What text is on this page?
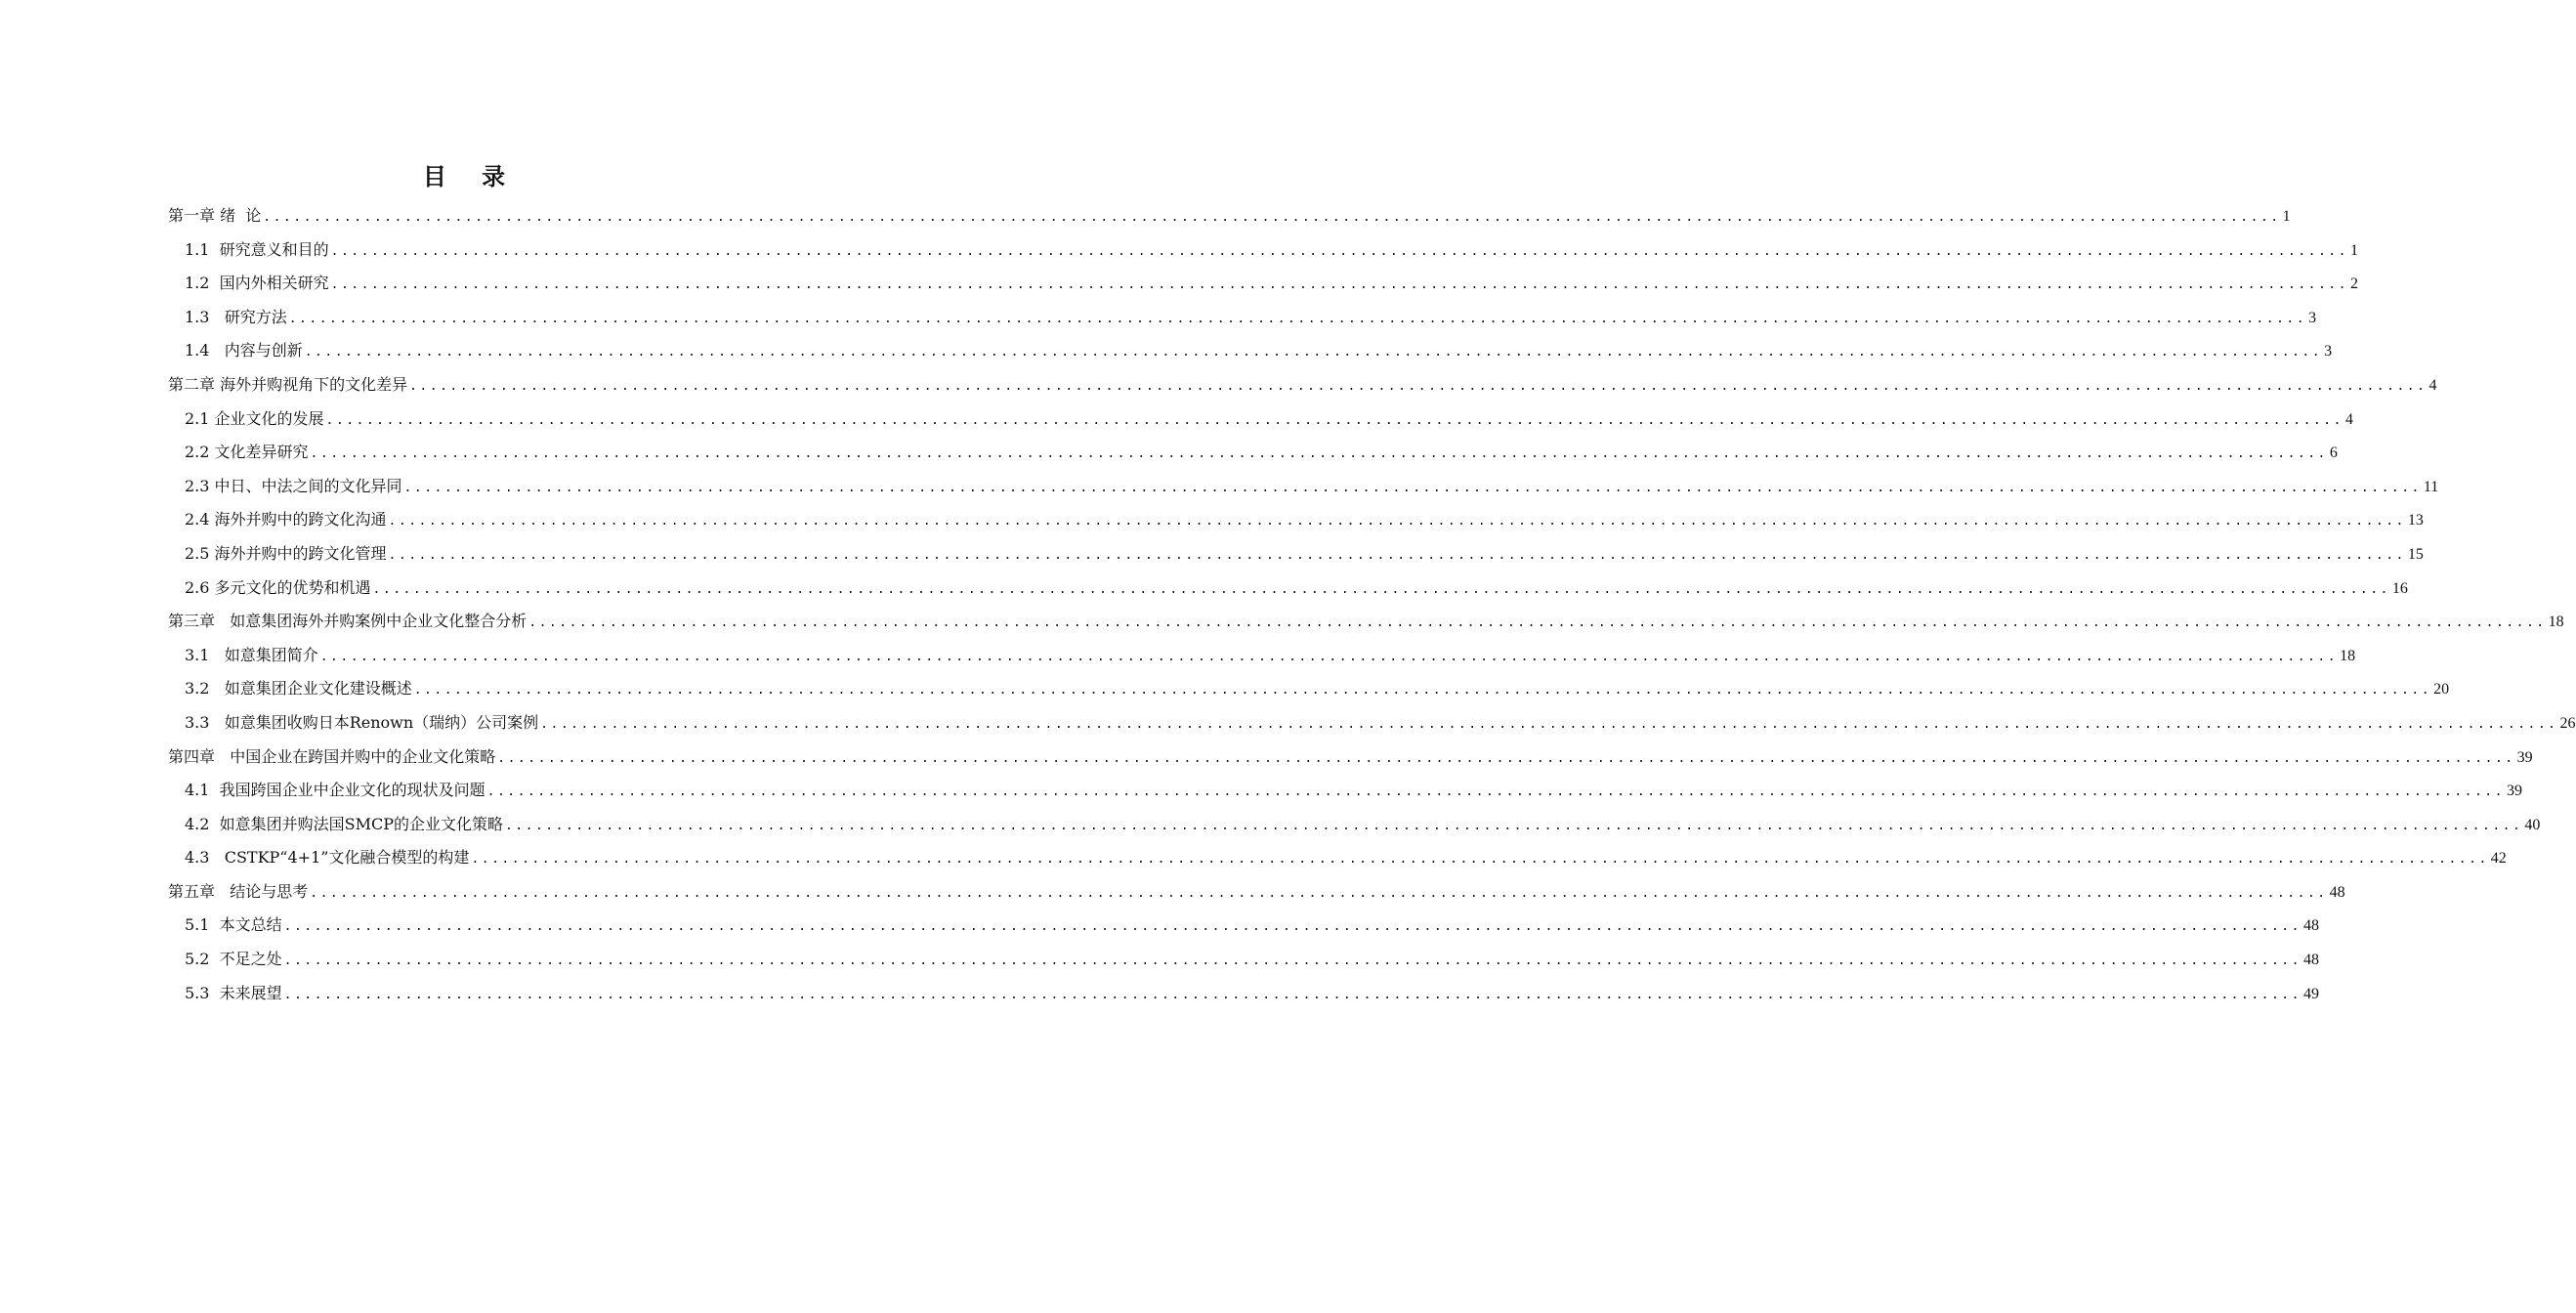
目 录
第一章 绪  论 ........................................................................................................................................................................................................ 1
1.1  研究意义和目的 ........................................................................................................................................................................................................ 1
1.2  国内外相关研究 ........................................................................................................................................................................................................ 2
1.3   研究方法 ........................................................................................................................................................................................................ 3
1.4   内容与创新 ........................................................................................................................................................................................................ 3
第二章 海外并购视角下的文化差异 ........................................................................................................................................................................................................ 4
2.1 企业文化的发展 ........................................................................................................................................................................................................ 4
2.2 文化差异研究 ........................................................................................................................................................................................................ 6
2.3 中日、中法之间的文化异同 ........................................................................................................................................................................................................ 11
2.4 海外并购中的跨文化沟通 ........................................................................................................................................................................................................ 13
2.5 海外并购中的跨文化管理 ........................................................................................................................................................................................................ 15
2.6 多元文化的优势和机遇 ........................................................................................................................................................................................................ 16
第三章   如意集团海外并购案例中企业文化整合分析 ........................................................................................................................................................................................................ 18
3.1   如意集团简介 ........................................................................................................................................................................................................ 18
3.2   如意集团企业文化建设概述 ........................................................................................................................................................................................................ 20
3.3   如意集团收购日本Renown（瑞纳）公司案例 ........................................................................................................................................................................................................ 26
第四章   中国企业在跨国并购中的企业文化策略 ........................................................................................................................................................................................................ 39
4.1  我国跨国企业中企业文化的现状及问题 ........................................................................................................................................................................................................ 39
4.2  如意集团并购法国SMCP的企业文化策略 ........................................................................................................................................................................................................ 40
4.3   CSTKP“4+1”文化融合模型的构建 ........................................................................................................................................................................................................ 42
第五章   结论与思考 ........................................................................................................................................................................................................ 48
5.1  本文总结 ........................................................................................................................................................................................................ 48
5.2  不足之处 ........................................................................................................................................................................................................ 48
5.3  未来展望 ........................................................................................................................................................................................................ 49
